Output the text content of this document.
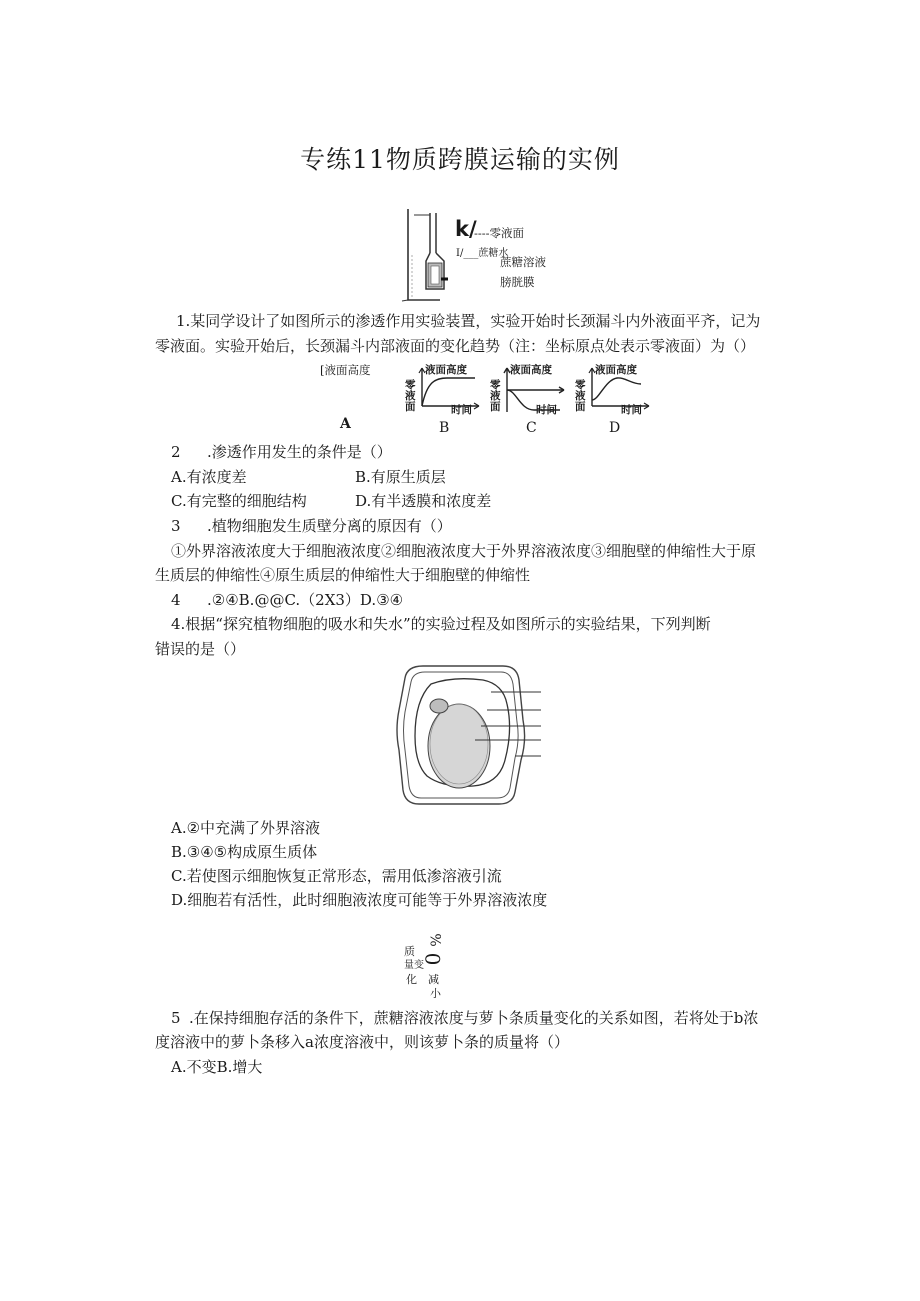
专练11物质跨膜运输的实例
k/
----零液面
I/___蔗糖水
蔗糖溶液
膀胱膜
1.某同学设计了如图所示的渗透作用实验装置，实验开始时长颈漏斗内外液面平齐，记为
零液面。实验开始后，长颈漏斗内部液面的变化趋势（注：坐标原点处表示零液面）为（）
[液面高度
A
液面高度
零液面	时间
B
液面高度
零液面	时间
C
液面高度
零液面	时间
D
2 .渗透作用发生的条件是（）
A.有浓度差	B.有原生质层
C.有完整的细胞结构	D.有半透膜和浓度差
3 .植物细胞发生质壁分离的原因有（）
①外界溶液浓度大于细胞液浓度②细胞液浓度大于外界溶液浓度③细胞壁的伸缩性大于原
生质层的伸缩性④原生质层的伸缩性大于细胞壁的伸缩性
4 .②④B.@@C.（2X3）D.③④
4.根据“探究植物细胞的吸水和失水”的实验过程及如图所示的实验结果，下列判断
错误的是（）
A.②中充满了外界溶液
B.③④⑤构成原生质体
C.若使图示细胞恢复正常形态，需用低渗溶液引流
D.细胞若有活性，此时细胞液浓度可能等于外界溶液浓度
%
0
质
量变
化 减
小
5 .在保持细胞存活的条件下，蔗糖溶液浓度与萝卜条质量变化的关系如图，若将处于b浓
度溶液中的萝卜条移入a浓度溶液中，则该萝卜条的质量将（）
A.不变B.增大
